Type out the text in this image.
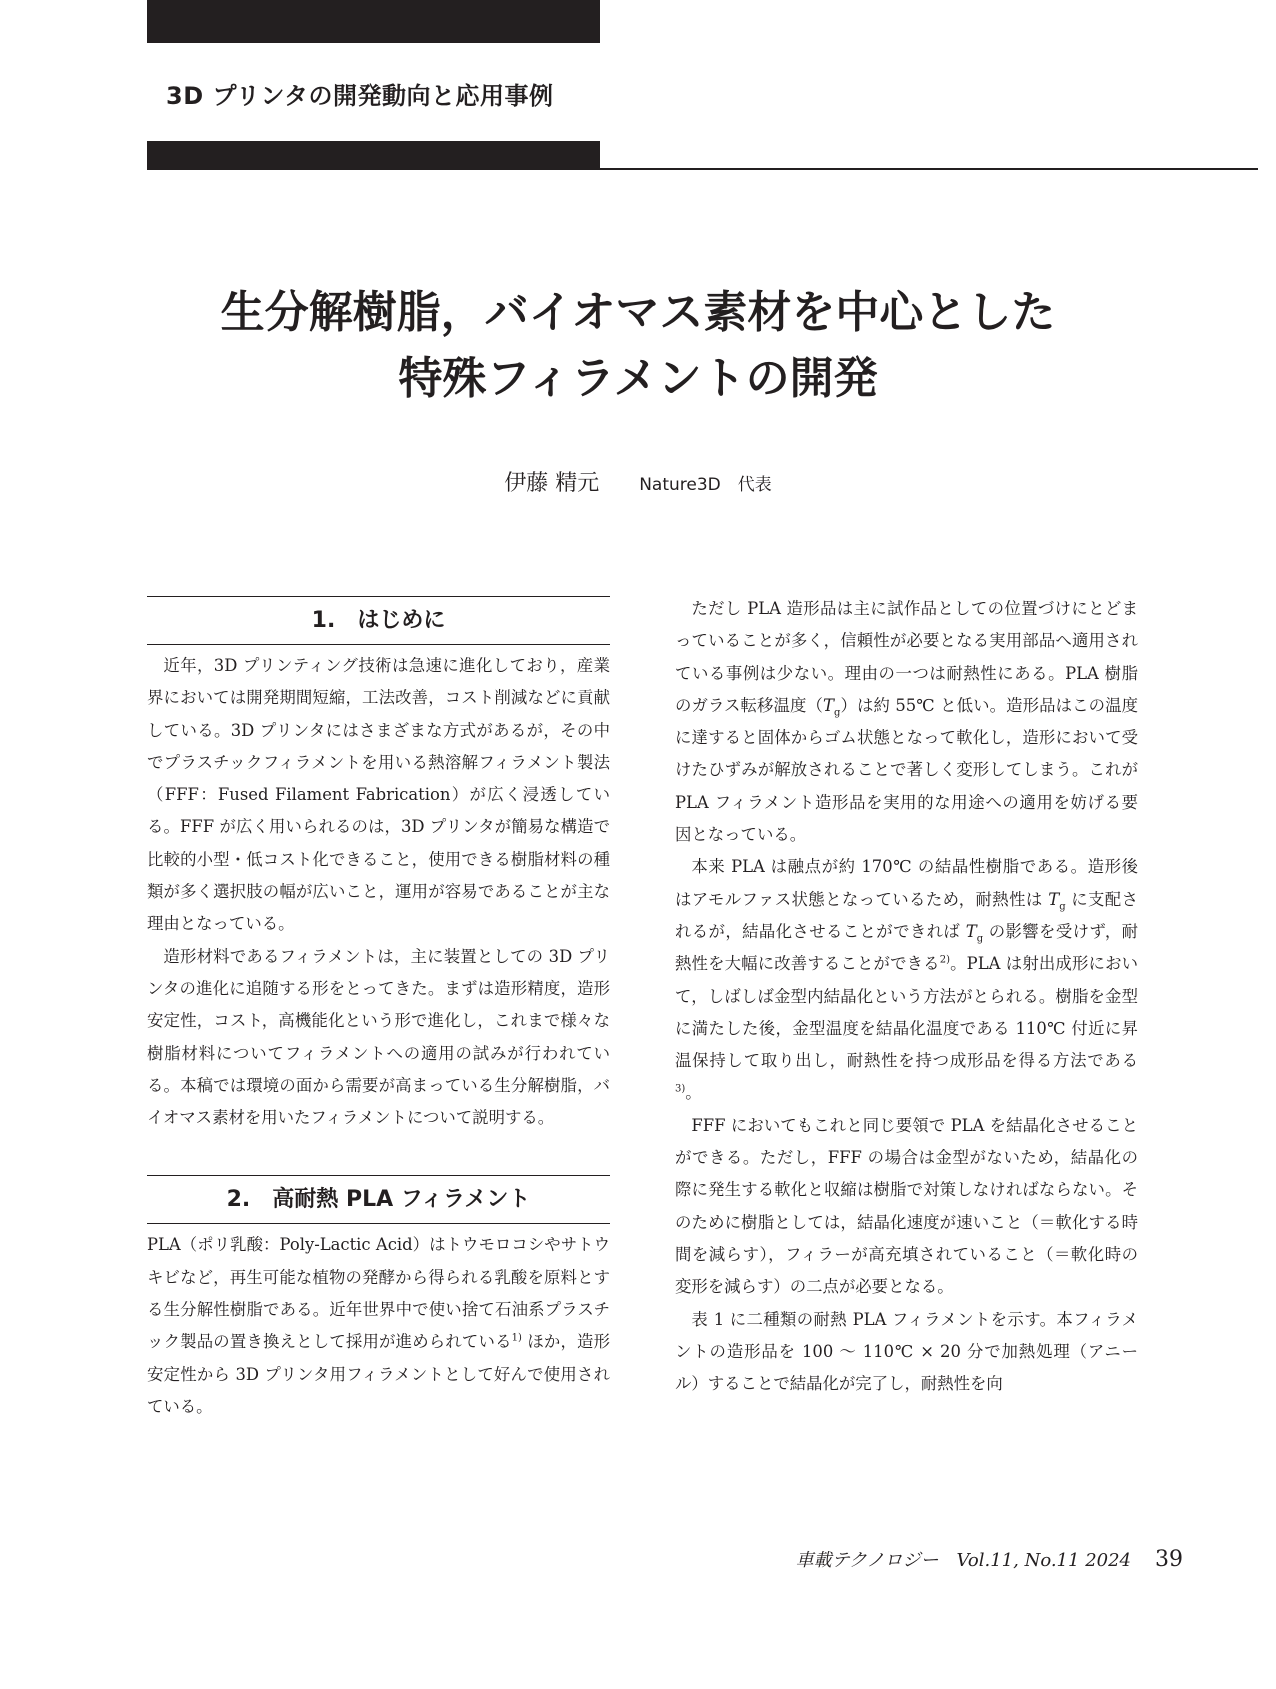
3D プリンタの開発動向と応用事例
生分解樹脂，バイオマス素材を中心とした
特殊フィラメントの開発
伊藤 精元 Nature3D　代表
1. はじめに

近年，3D プリンティング技術は急速に進化しており，産業界においては開発期間短縮，工法改善，コスト削減などに貢献している。3D プリンタにはさまざまな方式があるが，その中でプラスチックフィラメントを用いる熱溶解フィラメント製法（FFF：Fused Filament Fabrication）が広く浸透している。FFF が広く用いられるのは，3D プリンタが簡易な構造で比較的小型・低コスト化できること，使用できる樹脂材料の種類が多く選択肢の幅が広いこと，運用が容易であることが主な理由となっている。

造形材料であるフィラメントは，主に装置としての 3D プリンタの進化に追随する形をとってきた。まずは造形精度，造形安定性，コスト，高機能化という形で進化し，これまで様々な樹脂材料についてフィラメントへの適用の試みが行われている。本稿では環境の面から需要が高まっている生分解樹脂，バイオマス素材を用いたフィラメントについて説明する。

2. 高耐熱 PLA フィラメント

PLA（ポリ乳酸：Poly-Lactic Acid）はトウモロコシやサトウキビなど，再生可能な植物の発酵から得られる乳酸を原料とする生分解性樹脂である。近年世界中で使い捨て石油系プラスチック製品の置き換えとして採用が進められている$^{1)}$ ほか，造形安定性から 3D プリンタ用フィラメントとして好んで使用されている。

ただし PLA 造形品は主に試作品としての位置づけにとどまっていることが多く，信頼性が必要となる実用部品へ適用されている事例は少ない。理由の一つは耐熱性にある。PLA 樹脂のガラス転移温度$(T_g)$は約 55℃ と低い。造形品はこの温度に達すると固体からゴム状態となって軟化し，造形において受けたひずみが解放されることで著しく変形してしまう。これが PLA フィラメント造形品を実用的な用途への適用を妨げる要因となっている。

本来 PLA は融点が約 170℃ の結晶性樹脂である。造形後はアモルファス状態となっているため，耐熱性は $T_g$ に支配されるが，結晶化させることができれば $T_g$ の影響を受けず，耐熱性を大幅に改善することができる$^{2)}$。PLA は射出成形において，しばしば金型内結晶化という方法がとられる。樹脂を金型に満たした後，金型温度を結晶化温度である 110℃ 付近に昇温保持して取り出し，耐熱性を持つ成形品を得る方法である$^{3)}$。

FFF においてもこれと同じ要領で PLA を結晶化させることができる。ただし，FFF の場合は金型がないため，結晶化の際に発生する軟化と収縮は樹脂で対策しなければならない。そのために樹脂としては，結晶化速度が速いこと（＝軟化する時間を減らす），フィラーが高充填されていること（＝軟化時の変形を減らす）の二点が必要となる。

表 1 に二種類の耐熱 PLA フィラメントを示す。本フィラメントの造形品を 100 ～ 110℃ × 20 分で加熱処理（アニール）することで結晶化が完了し，耐熱性を向

車載テクノロジー　Vol.11, No.11 2024 39
